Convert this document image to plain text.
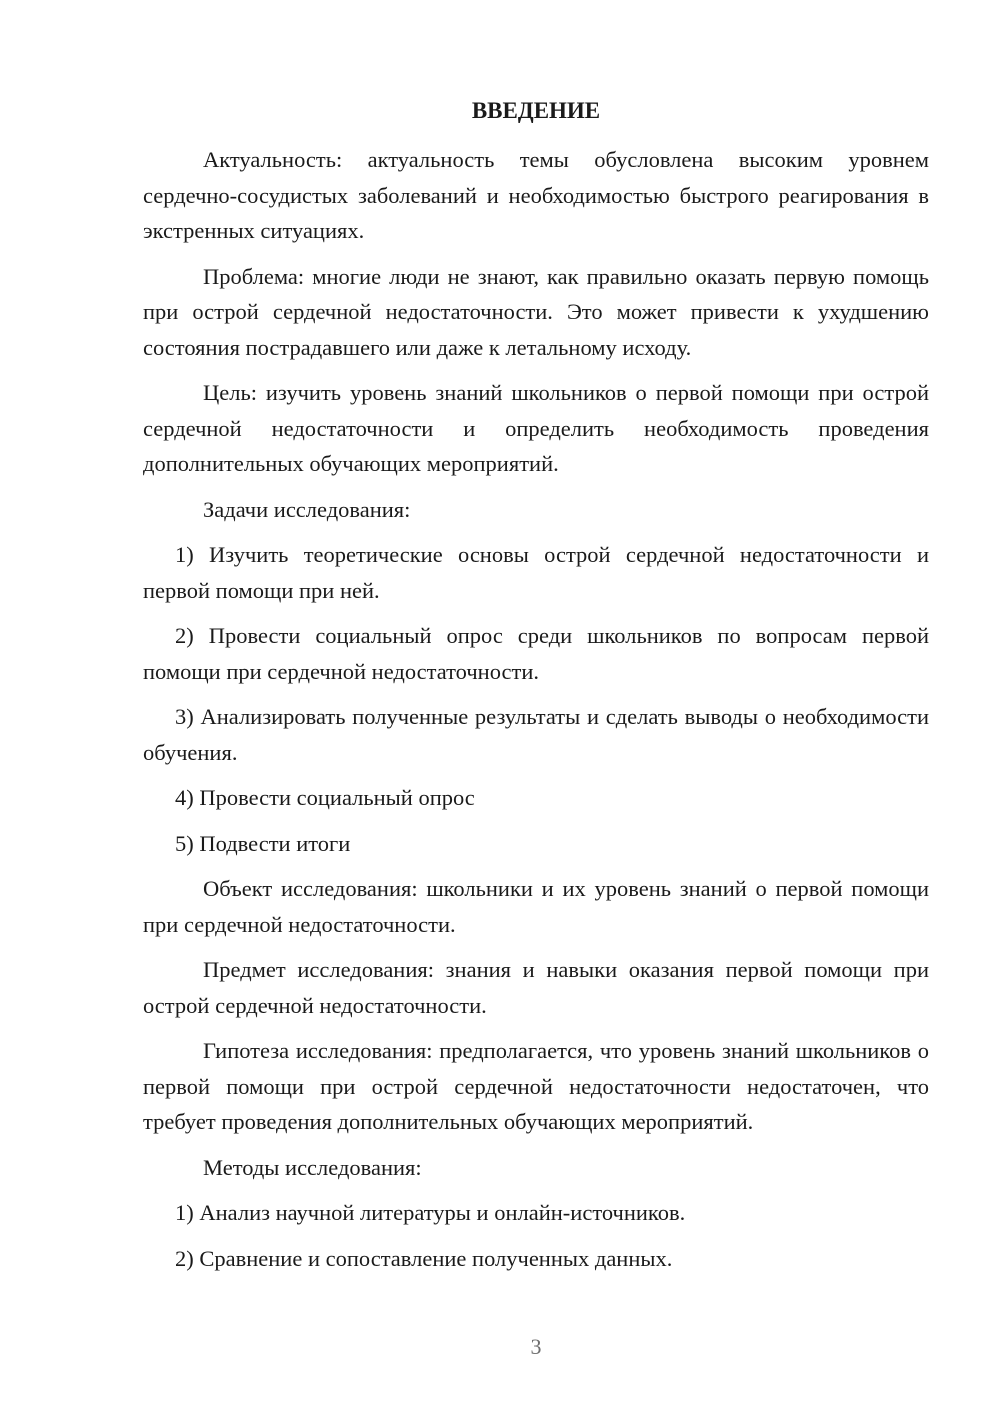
ВВЕДЕНИЕ

Актуальность: актуальность темы обусловлена высоким уровнем сердечно-сосудистых заболеваний и необходимостью быстрого реагирования в экстренных ситуациях.

Проблема: многие люди не знают, как правильно оказать первую помощь при острой сердечной недостаточности. Это может привести к ухудшению состояния пострадавшего или даже к летальному исходу.

Цель: изучить уровень знаний школьников о первой помощи при острой сердечной недостаточности и определить необходимость проведения дополнительных обучающих мероприятий.

Задачи исследования:

1) Изучить теоретические основы острой сердечной недостаточности и первой помощи при ней.

2) Провести социальный опрос среди школьников по вопросам первой помощи при сердечной недостаточности.

3) Анализировать полученные результаты и сделать выводы о необходимости обучения.

4) Провести социальный опрос

5) Подвести итоги

Объект исследования: школьники и их уровень знаний о первой помощи при сердечной недостаточности.

Предмет исследования: знания и навыки оказания первой помощи при острой сердечной недостаточности.

Гипотеза исследования: предполагается, что уровень знаний школьников о первой помощи при острой сердечной недостаточности недостаточен, что требует проведения дополнительных обучающих мероприятий.

Методы исследования:

1) Анализ научной литературы и онлайн-источников.

2) Сравнение и сопоставление полученных данных.

3
